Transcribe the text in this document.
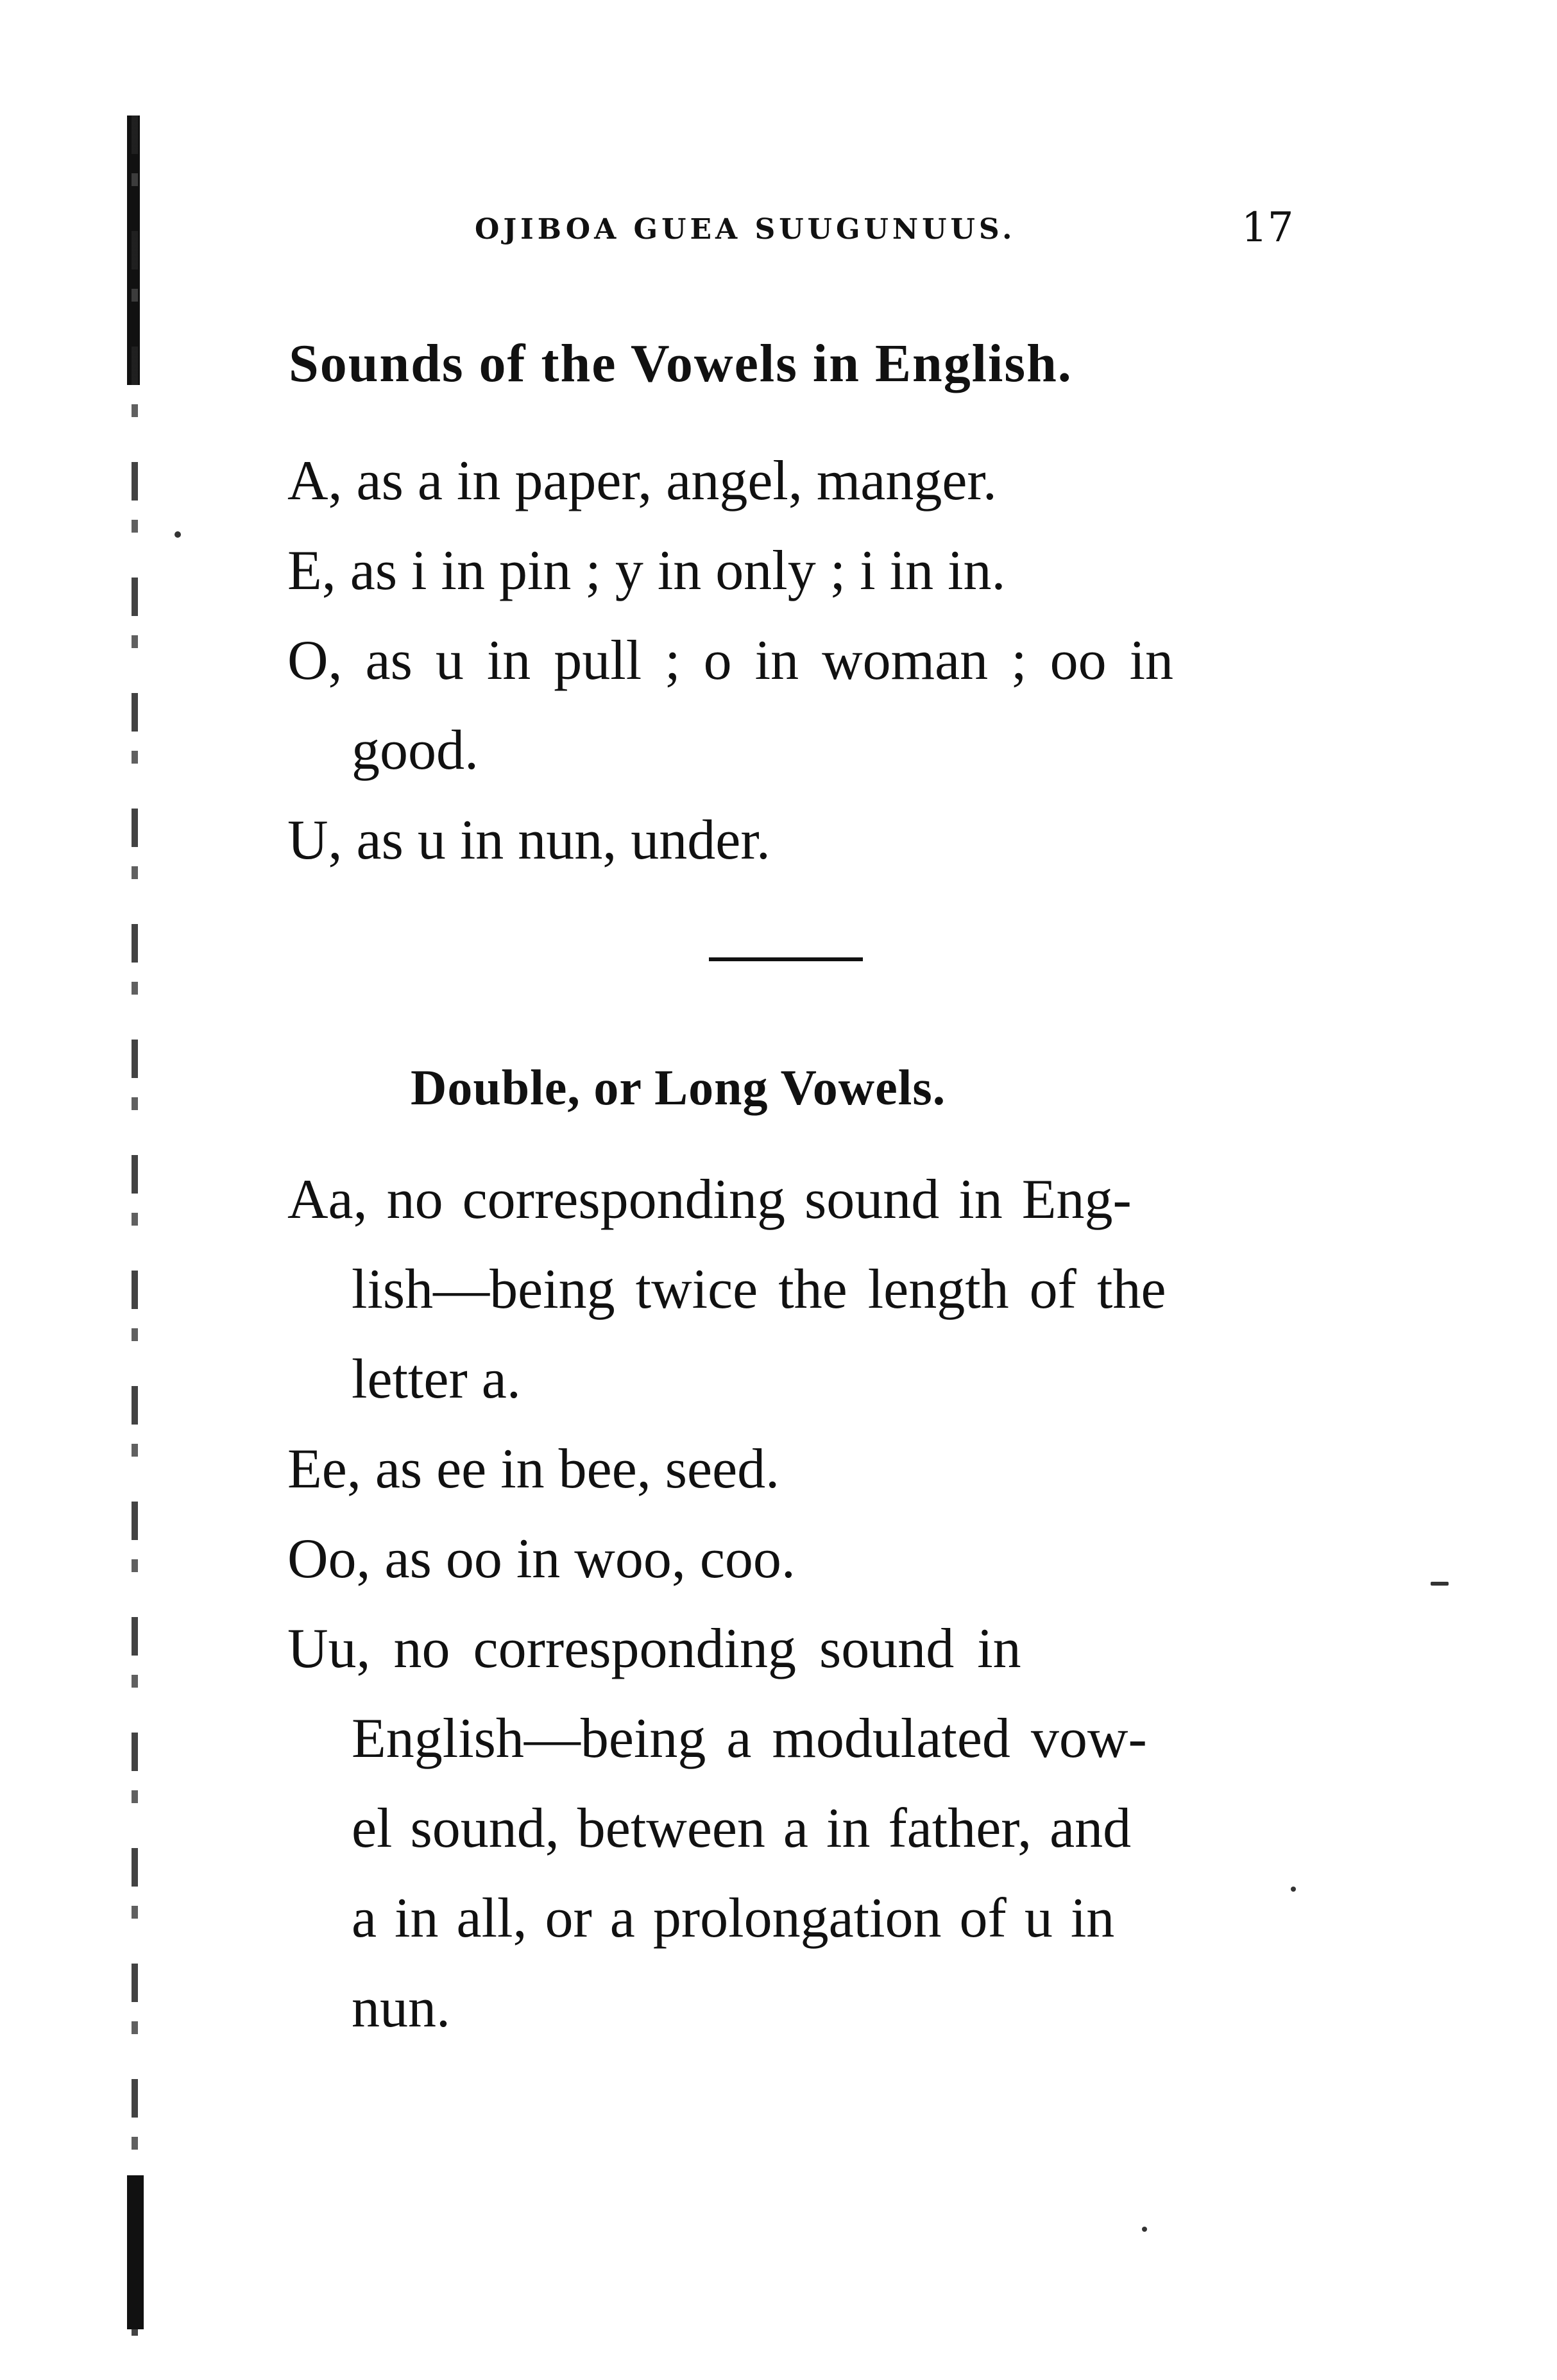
OJIBOA GUEA SUUGUNUUS.	17
Sounds of the Vowels in English.
A, as a in paper, angel, manger.
E, as i in pin ; y in only ; i in in.
O, as u in pull ; o in woman ; oo in
good.
U, as u in nun, under.
Double, or Long Vowels.
Aa, no corresponding sound in Eng-
lish—being twice the length of the
letter a.
Ee, as ee in bee, seed.
Oo, as oo in woo, coo.
Uu, no corresponding sound in
English—being a modulated vow-
el sound, between a in father, and
a in all, or a prolongation of u in
nun.
